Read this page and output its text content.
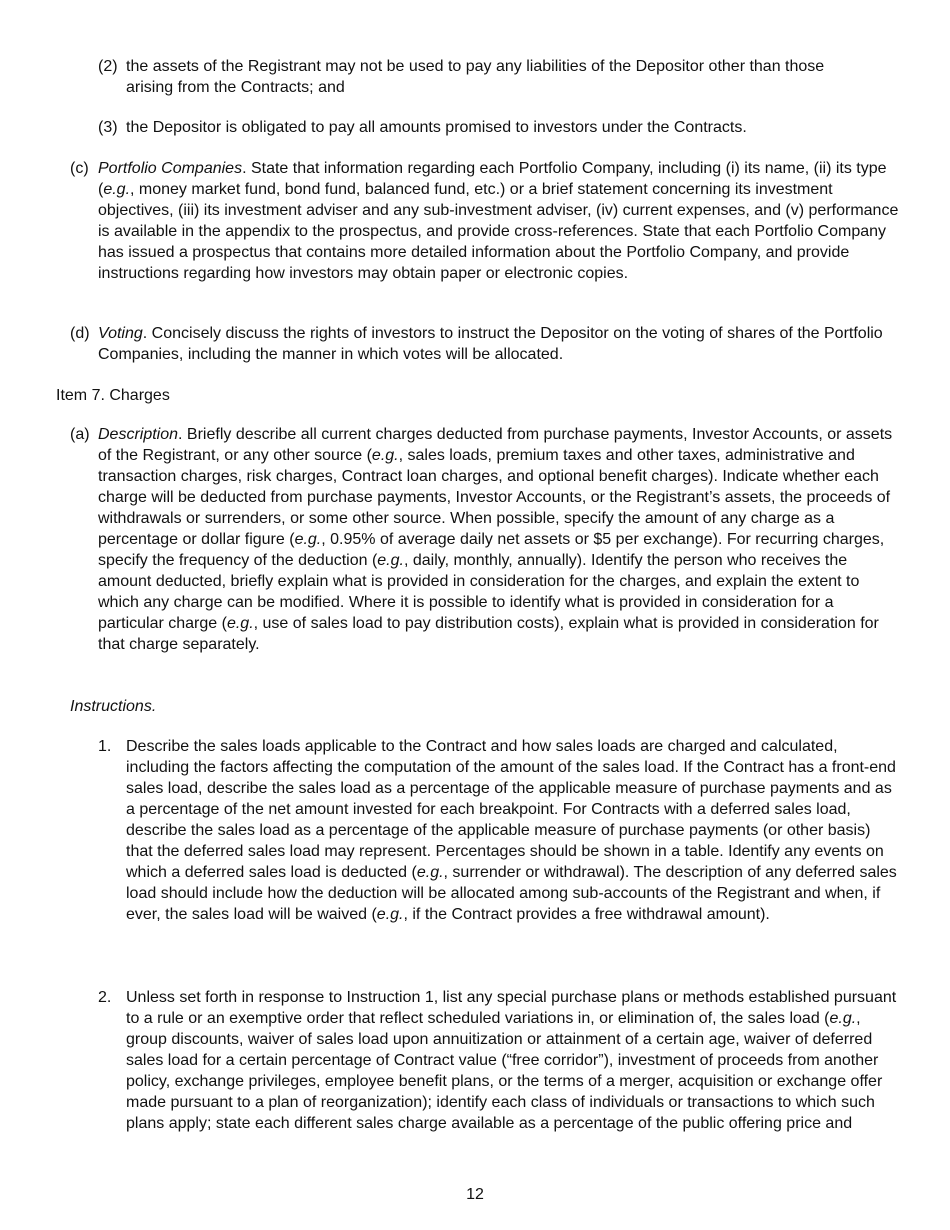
(2) the assets of the Registrant may not be used to pay any liabilities of the Depositor other than those arising from the Contracts; and

(3) the Depositor is obligated to pay all amounts promised to investors under the Contracts.

(c) Portfolio Companies. State that information regarding each Portfolio Company, including (i) its name, (ii) its type (e.g., money market fund, bond fund, balanced fund, etc.) or a brief statement concerning its investment objectives, (iii) its investment adviser and any sub-investment adviser, (iv) current expenses, and (v) performance is available in the appendix to the prospectus, and provide cross-references. State that each Portfolio Company has issued a prospectus that contains more detailed information about the Portfolio Company, and provide instructions regarding how investors may obtain paper or electronic copies.

(d) Voting. Concisely discuss the rights of investors to instruct the Depositor on the voting of shares of the Portfolio Companies, including the manner in which votes will be allocated.

Item 7. Charges
(a) Description. Briefly describe all current charges deducted from purchase payments, Investor Accounts, or assets of the Registrant, or any other source (e.g., sales loads, premium taxes and other taxes, administrative and transaction charges, risk charges, Contract loan charges, and optional benefit charges). Indicate whether each charge will be deducted from purchase payments, Investor Accounts, or the Registrant’s assets, the proceeds of withdrawals or surrenders, or some other source. When possible, specify the amount of any charge as a percentage or dollar figure (e.g., 0.95% of average daily net assets or $5 per exchange). For recurring charges, specify the frequency of the deduction (e.g., daily, monthly, annually). Identify the person who receives the amount deducted, briefly explain what is provided in consideration for the charges, and explain the extent to which any charge can be modified. Where it is possible to identify what is provided in consideration for a particular charge (e.g., use of sales load to pay distribution costs), explain what is provided in consideration for that charge separately.

Instructions.
1. Describe the sales loads applicable to the Contract and how sales loads are charged and calculated, including the factors affecting the computation of the amount of the sales load. If the Contract has a front-end sales load, describe the sales load as a percentage of the applicable measure of purchase payments and as a percentage of the net amount invested for each breakpoint. For Contracts with a deferred sales load, describe the sales load as a percentage of the applicable measure of purchase payments (or other basis) that the deferred sales load may represent. Percentages should be shown in a table. Identify any events on which a deferred sales load is deducted (e.g., surrender or withdrawal). The description of any deferred sales load should include how the deduction will be allocated among sub-accounts of the Registrant and when, if ever, the sales load will be waived (e.g., if the Contract provides a free withdrawal amount).

2. Unless set forth in response to Instruction 1, list any special purchase plans or methods established pursuant to a rule or an exemptive order that reflect scheduled variations in, or elimination of, the sales load (e.g., group discounts, waiver of sales load upon annuitization or attainment of a certain age, waiver of deferred sales load for a certain percentage of Contract value (“free corridor”), investment of proceeds from another policy, exchange privileges, employee benefit plans, or the terms of a merger, acquisition or exchange offer made pursuant to a plan of reorganization); identify each class of individuals or transactions to which such plans apply; state each different sales charge available as a percentage of the public offering price and

12
